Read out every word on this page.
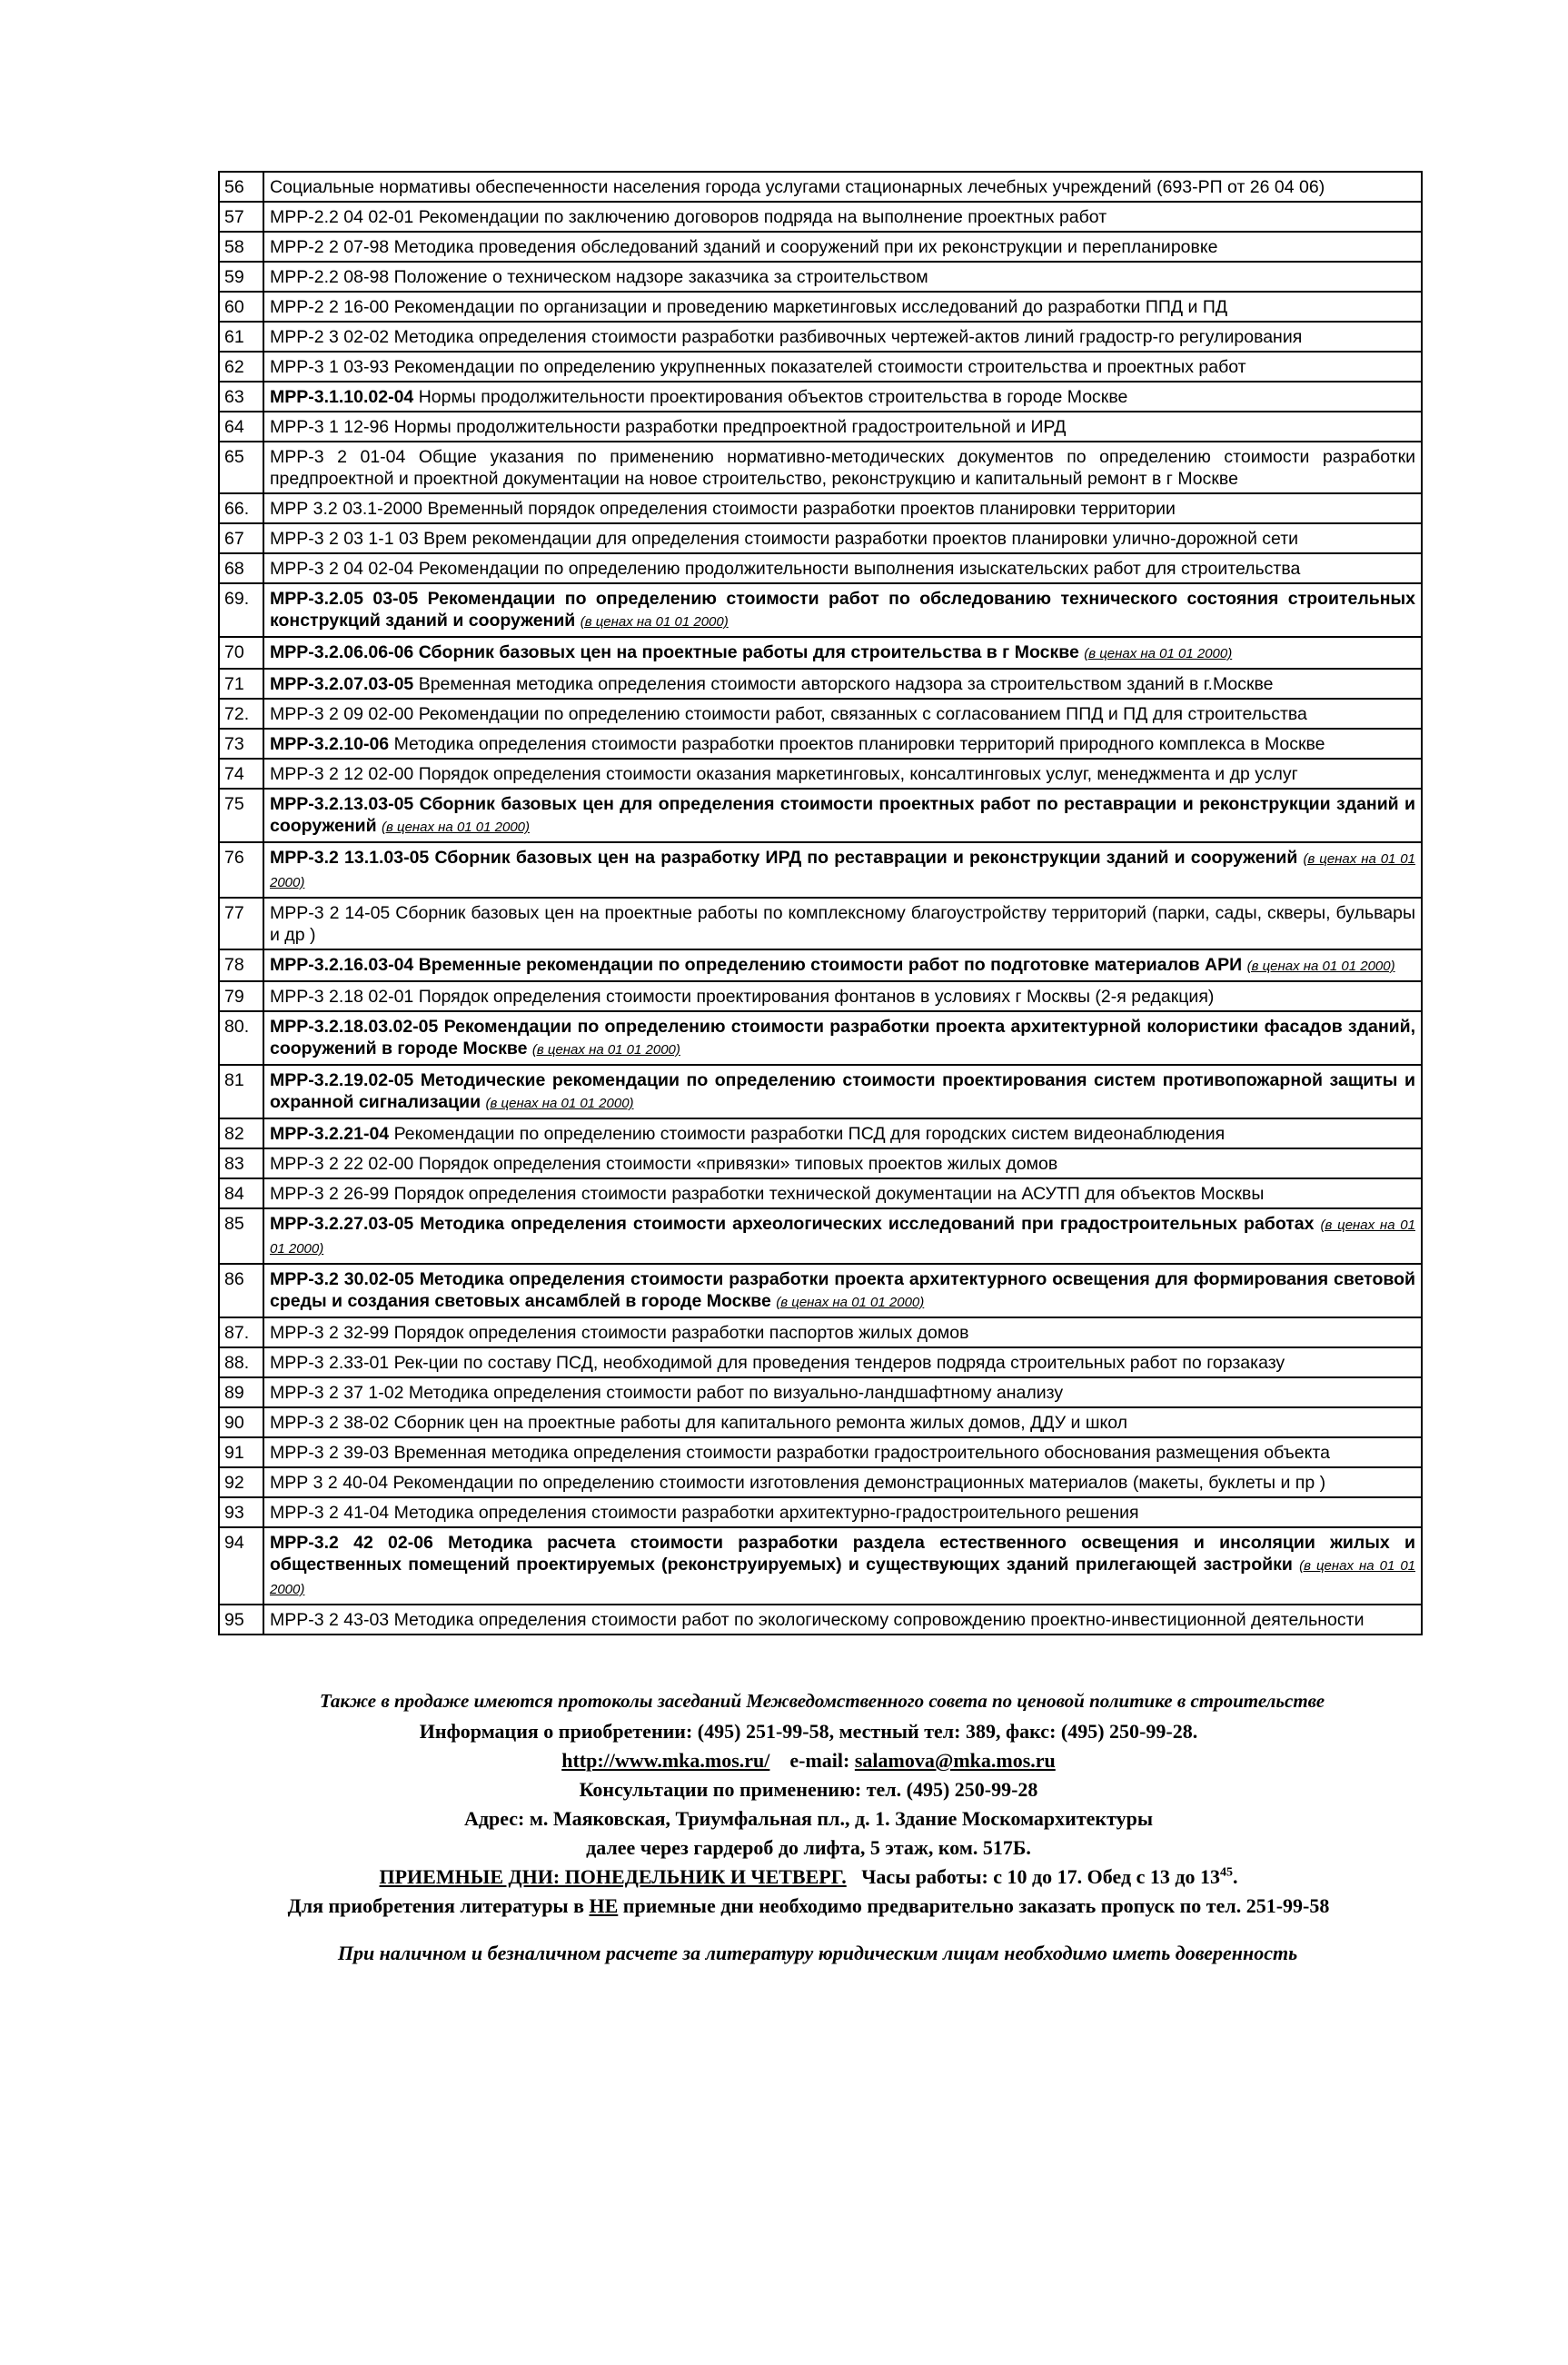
56	Социальные нормативы обеспеченности населения города услугами стационарных лечебных учреждений (693-РП от 26 04 06)
57	МРР-2.2 04 02-01 Рекомендации по заключению договоров подряда на выполнение проектных работ
58	МРР-2 2 07-98 Методика проведения обследований зданий и сооружений при их реконструкции и перепланировке
59	МРР-2.2 08-98 Положение о техническом надзоре заказчика за строительством
60	МРР-2 2 16-00 Рекомендации по организации и проведению маркетинговых исследований до разработки ППД и ПД
61	МРР-2 3 02-02 Методика определения стоимости разработки разбивочных чертежей-актов линий градостр-го регулирования
62	МРР-3 1 03-93 Рекомендации по определению укрупненных показателей стоимости строительства и проектных работ
63	МРР-3.1.10.02-04 Нормы продолжительности проектирования объектов строительства в городе Москве
64	МРР-3 1 12-96 Нормы продолжительности разработки предпроектной градостроительной и ИРД
65	МРР-3 2 01-04 Общие указания по применению нормативно-методических документов по определению стоимости разработки предпроектной и проектной документации на новое строительство, реконструкцию и капитальный ремонт в г Москве
66.	МРР 3.2 03.1-2000 Временный порядок определения стоимости разработки проектов планировки территории
67	МРР-3 2 03 1-1 03 Врем рекомендации для определения стоимости разработки проектов планировки улично-дорожной сети
68	МРР-3 2 04 02-04 Рекомендации по определению продолжительности выполнения изыскательских работ для строительства
69.	МРР-3.2.05 03-05 Рекомендации по определению стоимости работ по обследованию технического состояния строительных конструкций зданий и сооружений (в ценах на 01 01 2000)
70	МРР-3.2.06.06-06 Сборник базовых цен на проектные работы для строительства в г Москве (в ценах на 01 01 2000)
71	МРР-3.2.07.03-05 Временная методика определения стоимости авторского надзора за строительством зданий в г.Москве
72.	МРР-3 2 09 02-00 Рекомендации по определению стоимости работ, связанных с согласованием ППД и ПД для строительства
73	МРР-3.2.10-06 Методика определения стоимости разработки проектов планировки территорий природного комплекса в Москве
74	МРР-3 2 12 02-00 Порядок определения стоимости оказания маркетинговых, консалтинговых услуг, менеджмента и др услуг
75	МРР-3.2.13.03-05 Сборник базовых цен для определения стоимости проектных работ по реставрации и реконструкции зданий и сооружений (в ценах на 01 01 2000)
76	МРР-3.2 13.1.03-05 Сборник базовых цен на разработку ИРД по реставрации и реконструкции зданий и сооружений (в ценах на 01 01 2000)
77	МРР-3 2 14-05 Сборник базовых цен на проектные работы по комплексному благоустройству территорий (парки, сады, скверы, бульвары и др )
78	МРР-3.2.16.03-04 Временные рекомендации по определению стоимости работ по подготовке материалов АРИ (в ценах на 01 01 2000)
79	МРР-3 2.18 02-01 Порядок определения стоимости проектирования фонтанов в условиях г Москвы (2-я редакция)
80.	МРР-3.2.18.03.02-05 Рекомендации по определению стоимости разработки проекта архитектурной колористики фасадов зданий, сооружений в городе Москве (в ценах на 01 01 2000)
81	МРР-3.2.19.02-05 Методические рекомендации по определению стоимости проектирования систем противопожарной защиты и охранной сигнализации (в ценах на 01 01 2000)
82	МРР-3.2.21-04 Рекомендации по определению стоимости разработки ПСД для городских систем видеонаблюдения
83	МРР-3 2 22 02-00 Порядок определения стоимости «привязки» типовых проектов жилых домов
84	МРР-3 2 26-99 Порядок определения стоимости разработки технической документации на АСУТП для объектов Москвы
85	МРР-3.2.27.03-05 Методика определения стоимости археологических исследований при градостроительных работах (в ценах на 01 01 2000)
86	МРР-3.2 30.02-05 Методика определения стоимости разработки проекта архитектурного освещения для формирования световой среды и создания световых ансамблей в городе Москве (в ценах на 01 01 2000)
87.	МРР-3 2 32-99 Порядок определения стоимости разработки паспортов жилых домов
88.	МРР-3 2.33-01 Рек-ции по составу ПСД, необходимой для проведения тендеров подряда строительных работ по горзаказу
89	МРР-3 2 37 1-02 Методика определения стоимости работ по визуально-ландшафтному анализу
90	МРР-3 2 38-02 Сборник цен на проектные работы для капитального ремонта жилых домов, ДДУ и школ
91	МРР-3 2 39-03 Временная методика определения стоимости разработки градостроительного обоснования размещения объекта
92	МРР 3 2 40-04 Рекомендации по определению стоимости изготовления демонстрационных материалов (макеты, буклеты и пр )
93	МРР-3 2 41-04 Методика определения стоимости разработки архитектурно-градостроительного решения
94	МРР-3.2 42 02-06 Методика расчета стоимости разработки раздела естественного освещения и инсоляции жилых и общественных помещений проектируемых (реконструируемых) и существующих зданий прилегающей застройки (в ценах на 01 01 2000)
95	МРР-3 2 43-03 Методика определения стоимости работ по экологическому сопровождению проектно-инвестиционной деятельности

Также в продаже имеются протоколы заседаний Межведомственного совета по ценовой политике в строительстве

Информация о приобретении: (495) 251-99-58, местный тел: 389, факс: (495) 250-99-28.

http://www.mka.mos.ru/ e-mail: salamova@mka.mos.ru

Консультации по применению: тел. (495) 250-99-28

Адрес: м. Маяковская, Триумфальная пл., д. 1. Здание Москомархитектуры

далее через гардероб до лифта, 5 этаж, ком. 517Б.

ПРИЕМНЫЕ ДНИ: ПОНЕДЕЛЬНИК И ЧЕТВЕРГ. Часы работы: с 10 до 17. Обед с 13 до $13^{45}$.

Для приобретения литературы в НЕ приемные дни необходимо предварительно заказать пропуск по тел. 251-99-58

При наличном и безналичном расчете за литературу юридическим лицам необходимо иметь доверенность
